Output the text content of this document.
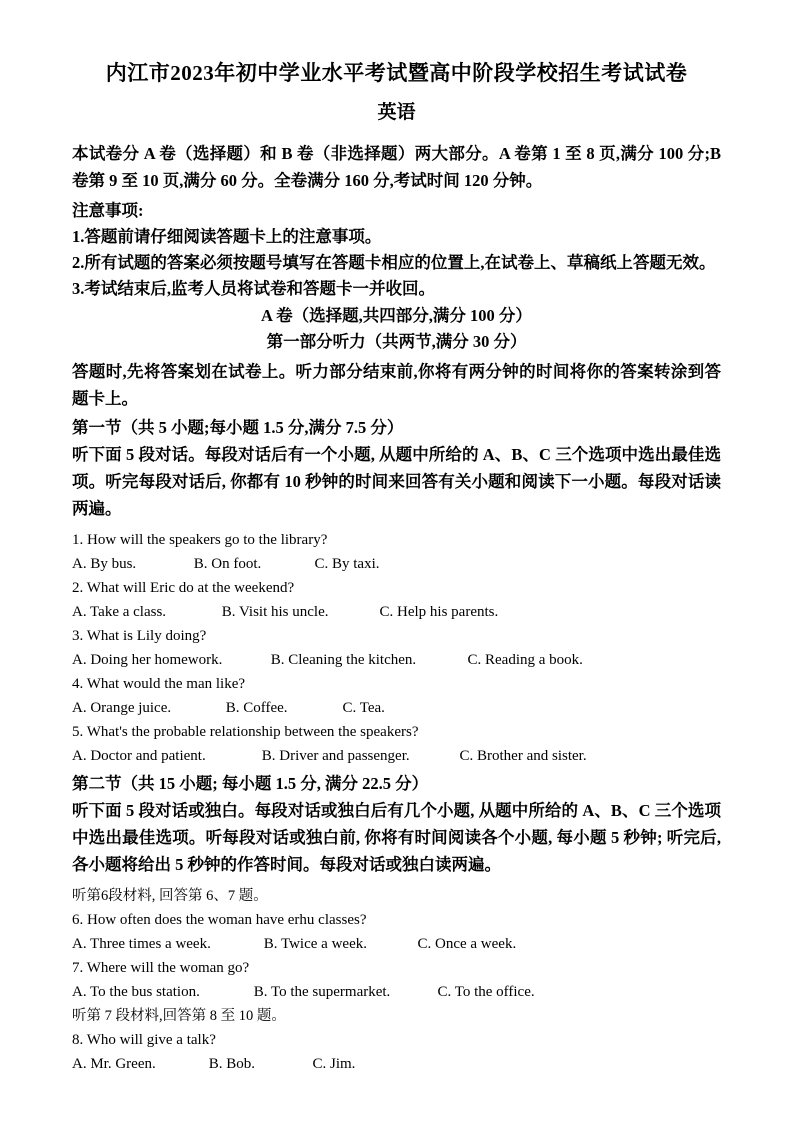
内江市2023年初中学业水平考试暨高中阶段学校招生考试试卷
英语
本试卷分 A 卷（选择题）和 B 卷（非选择题）两大部分。A 卷第 1 至 8 页,满分 100 分;B 卷第 9 至 10 页,满分 60 分。全卷满分 160 分,考试时间 120 分钟。
注意事项:
1.答题前请仔细阅读答题卡上的注意事项。
2.所有试题的答案必须按题号填写在答题卡相应的位置上,在试卷上、草稿纸上答题无效。
3.考试结束后,监考人员将试卷和答题卡一并收回。
A 卷（选择题,共四部分,满分 100 分）
第一部分听力（共两节,满分 30 分）
答题时,先将答案划在试卷上。听力部分结束前,你将有两分钟的时间将你的答案转涂到答题卡上。
第一节（共 5 小题;每小题 1.5 分,满分 7.5 分）
听下面 5 段对话。每段对话后有一个小题, 从题中所给的 A、B、C 三个选项中选出最佳选项。听完每段对话后, 你都有 10 秒钟的时间来回答有关小题和阅读下一小题。每段对话读两遍。
1. How will the speakers go to the library?
A. By bus.	B. On foot.	C. By taxi.
2. What will Eric do at the weekend?
A. Take a class.	B. Visit his uncle.	C. Help his parents.
3. What is Lily doing?
A. Doing her homework.	B. Cleaning the kitchen.	C. Reading a book.
4. What would the man like?
A. Orange juice.	B. Coffee.	C. Tea.
5. What's the probable relationship between the speakers?
A. Doctor and patient.	B. Driver and passenger.	C. Brother and sister.
第二节（共 15 小题; 每小题 1.5 分, 满分 22.5 分）
听下面 5 段对话或独白。每段对话或独白后有几个小题, 从题中所给的 A、B、C 三个选项中选出最佳选项。听每段对话或独白前, 你将有时间阅读各个小题, 每小题 5 秒钟; 听完后, 各小题将给出 5 秒钟的作答时间。每段对话或独白读两遍。
听第6段材料, 回答第 6、7 题。
6. How often does the woman have erhu classes?
A. Three times a week.	B. Twice a week.	C. Once a week.
7. Where will the woman go?
A. To the bus station.	B. To the supermarket.	C. To the office.
听第 7 段材料,回答第 8 至 10 题。
8. Who will give a talk?
A. Mr. Green.	B. Bob.	C. Jim.
